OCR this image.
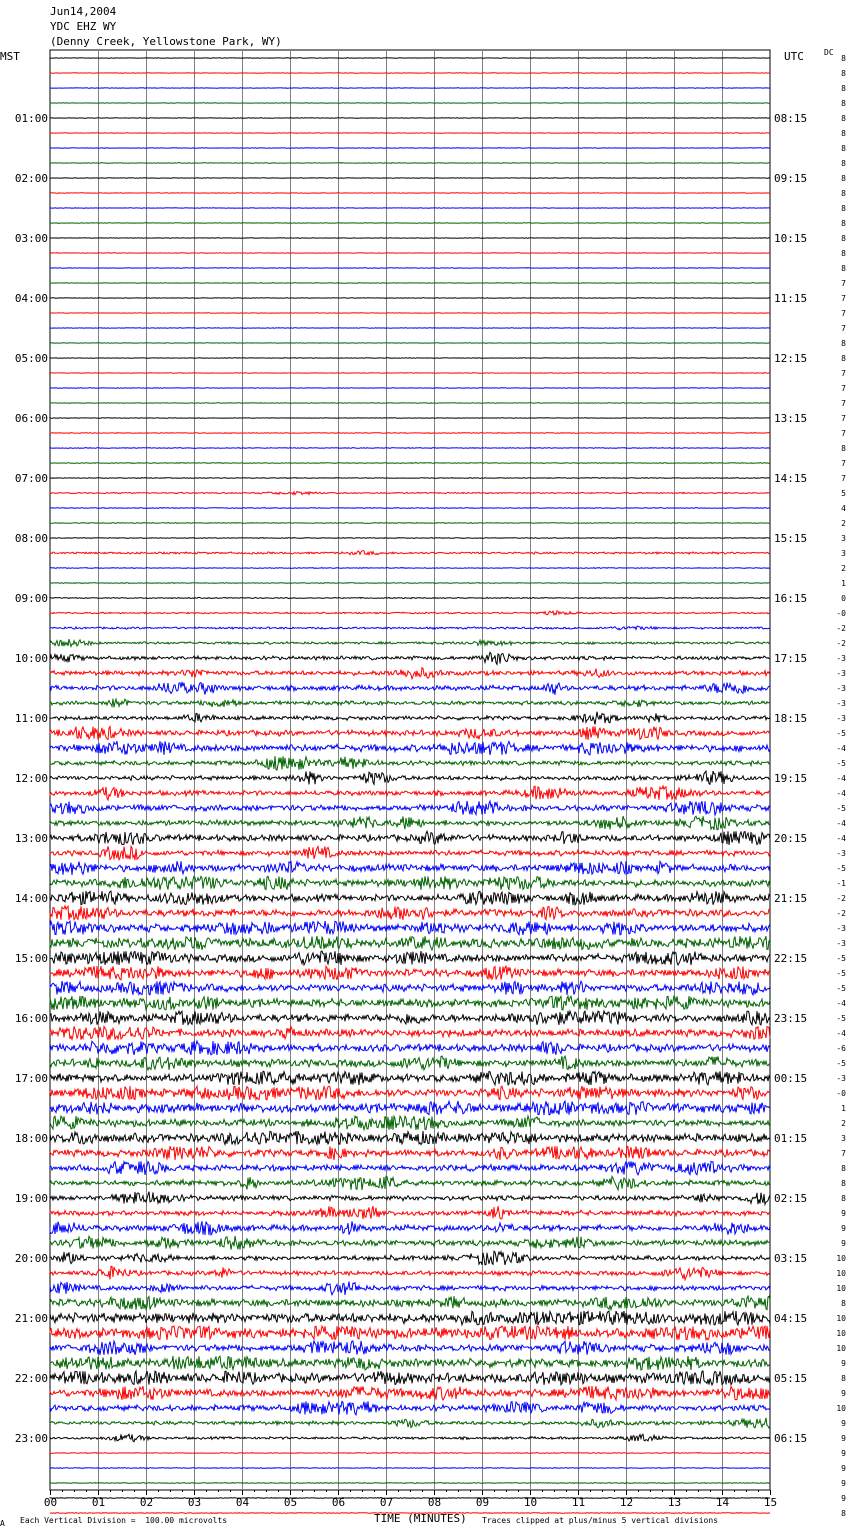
Jun14,2004
YDC EHZ WY
(Denny Creek, Yellowstone Park, WY)
MST	UTC	DC
00	01	02	03	04	05	06	07	08	09	10	11	12	13	14	15
01:00
02:00
03:00
04:00
05:00
06:00
07:00
08:00
09:00
10:00
11:00
12:00
13:00
14:00
15:00
16:00
17:00
18:00
19:00
20:00
21:00
22:00
23:00
08:15
09:15
10:15
11:15
12:15
13:15
14:15
15:15
16:15
17:15
18:15
19:15
20:15
21:15
22:15
23:15
00:15
01:15
02:15
03:15
04:15
05:15
06:15
8
8
8
8
8
8
8
8
8
8
8
8
8
8
8
7
7
7
7
8
8
7
7
7
7
7
8
7
7
5
4
2
3
3
2
1
0
-0
-2
-2
-3
-3
-3
-3
-3
-5
-4
-5
-4
-4
-5
-4
-4
-3
-5
-1
-2
-2
-3
-3
-5
-5
-5
-4
-5
-4
-6
-5
-3
-0
1
2
3
7
8
8
8
9
9
9
10
10
10
8
10
10
10
9
8
9
10
9
9
9
9
9
9
8
A Each Vertical Division =  100.00 microvolts	TIME (MINUTES) Traces clipped at plus/minus 5 vertical divisions
